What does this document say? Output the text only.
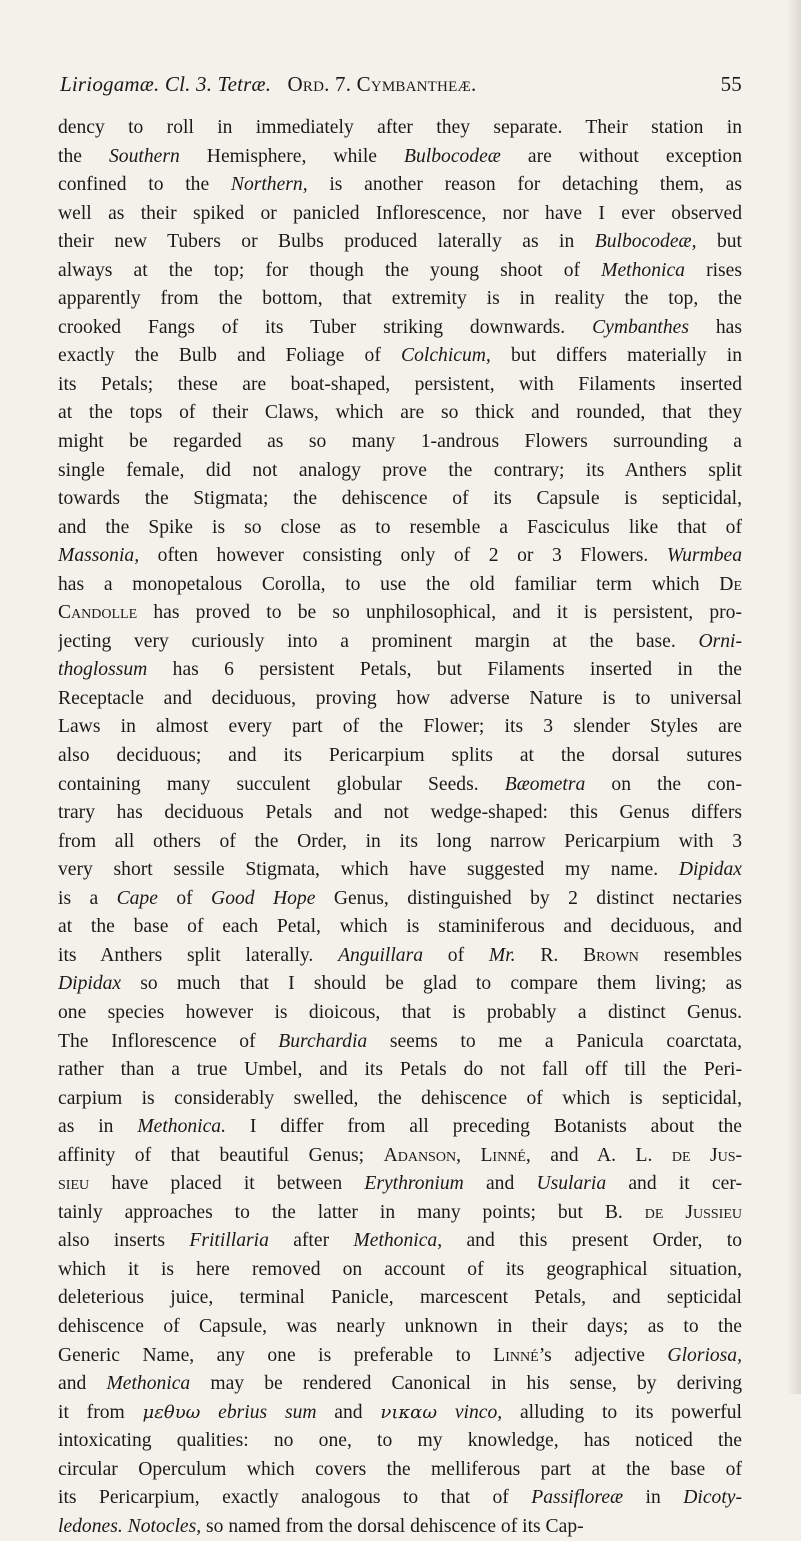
Liriogamæ. Cl. 3. Tetræ. Ord. 7. Cymbantheæ.	55
dency to roll in immediately after they separate. Their station in
the Southern Hemisphere, while Bulbocodeæ are without exception
confined to the Northern, is another reason for detaching them, as
well as their spiked or panicled Inflorescence, nor have I ever observed
their new Tubers or Bulbs produced laterally as in Bulbocodeæ, but
always at the top; for though the young shoot of Methonica rises
apparently from the bottom, that extremity is in reality the top, the
crooked Fangs of its Tuber striking downwards. Cymbanthes has
exactly the Bulb and Foliage of Colchicum, but differs materially in
its Petals; these are boat-shaped, persistent, with Filaments inserted
at the tops of their Claws, which are so thick and rounded, that they
might be regarded as so many 1-androus Flowers surrounding a
single female, did not analogy prove the contrary; its Anthers split
towards the Stigmata; the dehiscence of its Capsule is septicidal,
and the Spike is so close as to resemble a Fasciculus like that of
Massonia, often however consisting only of 2 or 3 Flowers. Wurmbea
has a monopetalous Corolla, to use the old familiar term which De
Candolle has proved to be so unphilosophical, and it is persistent, pro-
jecting very curiously into a prominent margin at the base. Orni-
thoglossum has 6 persistent Petals, but Filaments inserted in the
Receptacle and deciduous, proving how adverse Nature is to universal
Laws in almost every part of the Flower; its 3 slender Styles are
also deciduous; and its Pericarpium splits at the dorsal sutures
containing many succulent globular Seeds. Bæometra on the con-
trary has deciduous Petals and not wedge-shaped: this Genus differs
from all others of the Order, in its long narrow Pericarpium with 3
very short sessile Stigmata, which have suggested my name. Dipidax
is a Cape of Good Hope Genus, distinguished by 2 distinct nectaries
at the base of each Petal, which is staminiferous and deciduous, and
its Anthers split laterally. Anguillara of Mr. R. Brown resembles
Dipidax so much that I should be glad to compare them living; as
one species however is dioicous, that is probably a distinct Genus.
The Inflorescence of Burchardia seems to me a Panicula coarctata,
rather than a true Umbel, and its Petals do not fall off till the Peri-
carpium is considerably swelled, the dehiscence of which is septicidal,
as in Methonica. I differ from all preceding Botanists about the
affinity of that beautiful Genus; Adanson, Linné, and A. L. de Jus-
sieu have placed it between Erythronium and Usularia and it cer-
tainly approaches to the latter in many points; but B. de Jussieu
also inserts Fritillaria after Methonica, and this present Order, to
which it is here removed on account of its geographical situation,
deleterious juice, terminal Panicle, marcescent Petals, and septicidal
dehiscence of Capsule, was nearly unknown in their days; as to the
Generic Name, any one is preferable to Linné’s adjective Gloriosa,
and Methonica may be rendered Canonical in his sense, by deriving
it from μεθυω ebrius sum and νικαω vinco, alluding to its powerful
intoxicating qualities: no one, to my knowledge, has noticed the
circular Operculum which covers the melliferous part at the base of
its Pericarpium, exactly analogous to that of Passifloreæ in Dicoty-
ledones. Notocles, so named from the dorsal dehiscence of its Cap-
